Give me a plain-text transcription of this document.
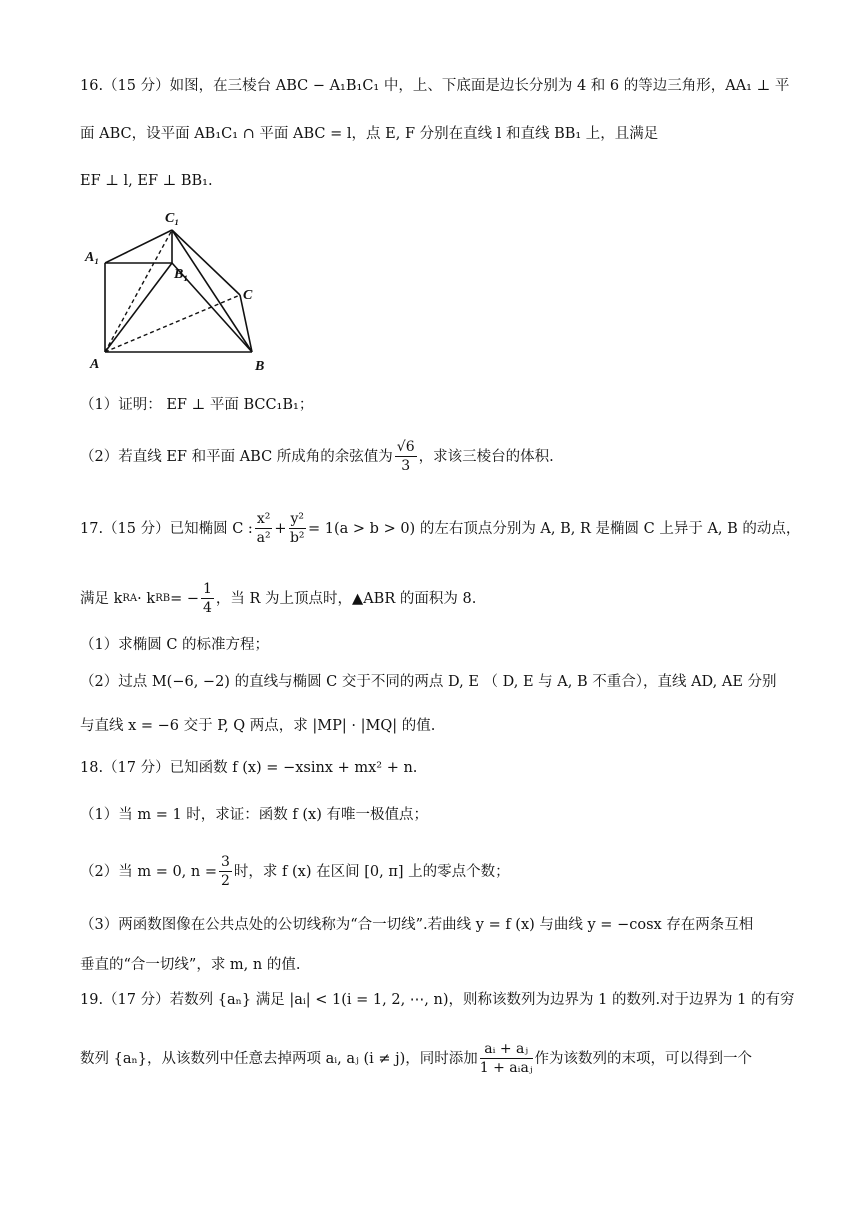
16.（15 分）如图，在三棱台 ABC − A₁B₁C₁ 中，上、下底面是边长分别为 4 和 6 的等边三角形，AA₁ ⊥ 平
面 ABC，设平面 AB₁C₁ ∩ 平面 ABC = l，点 E, F 分别在直线 l 和直线 BB₁ 上，且满足
EF ⊥ l, EF ⊥ BB₁.
A₁
C₁
B₁
C
A	B
（1）证明： EF ⊥ 平面 BCC₁B₁；
（2）若直线 EF 和平面 ABC 所成角的余弦值为 $\frac{√6}{3}$ ，求该三棱台的体积.
17.（15 分）已知椭圆 C : $\frac{\text{x²}}{\text{a²}} + \frac{\text{y²}}{\text{b²}} = 1(a > b > 0)$ 的左右顶点分别为 A, B, R 是椭圆 C 上异于 A, B 的动点，
满足 k RA · k RB = − $\frac{1}{4}$ ，当 R 为上顶点时，▲ABR 的面积为 8.
（1）求椭圆 C 的标准方程；
（2）过点 M(−6, −2) 的直线与椭圆 C 交于不同的两点 D, E （ D, E 与 A, B 不重合），直线 AD, AE 分别
与直线 x = −6 交于 P, Q 两点，求 |MP| · |MQ| 的值.
18.（17 分）已知函数 f (x) = −xsinx + mx² + n.
（1）当 m = 1 时，求证：函数 f (x) 有唯一极值点；
（2）当 m = 0, $n = \frac{3}{2}$ 时，求 f (x) 在区间 [0, π] 上的零点个数；
（3）两函数图像在公共点处的公切线称为“合一切线”.若曲线 y = f (x) 与曲线 y = −cosx 存在两条互相
垂直的“合一切线”，求 m, n 的值.
19.（17 分）若数列 {aₙ} 满足 |aᵢ| < 1(i = 1, 2, ⋯, n)，则称该数列为边界为 1 的数列.对于边界为 1 的有穷
数列 {aₙ}，从该数列中任意去掉两项 aᵢ, aⱼ (i ≠ j)，同时添加 $\frac{\text{aᵢ + aⱼ}}{\text{1 + aᵢaⱼ}}$ 作为该数列的末项，可以得到一个
